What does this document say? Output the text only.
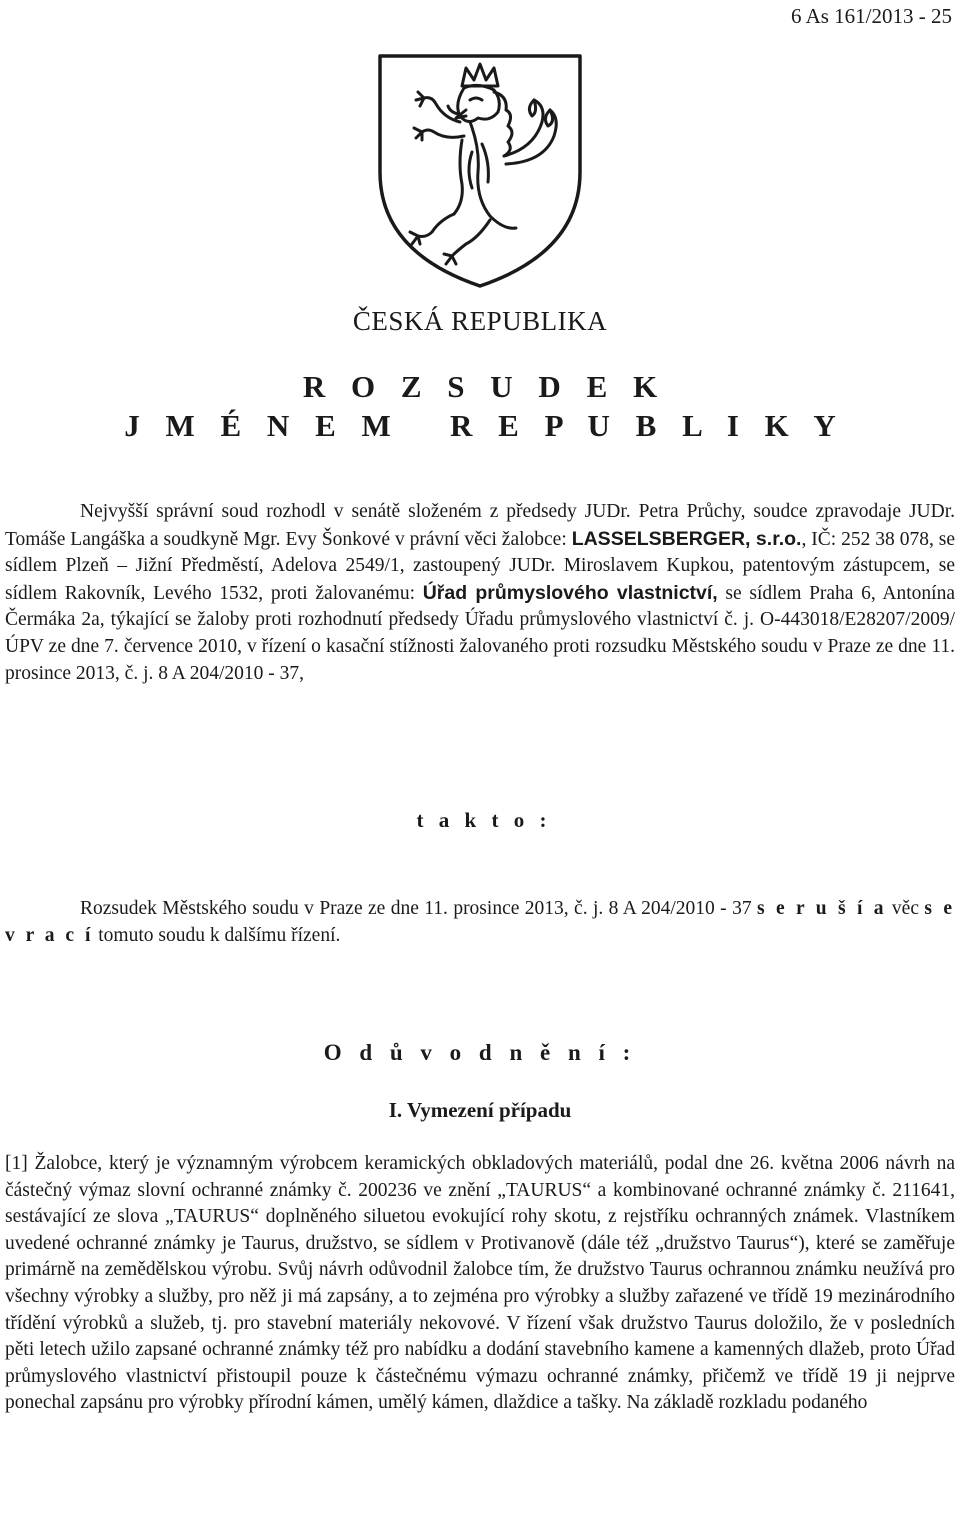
6 As 161/2013 - 25
ČESKÁ REPUBLIKA
R O Z S U D E K
J M É N E M   R E P U B L I K Y
Nejvyšší správní soud rozhodl v senátě složeném z předsedy JUDr. Petra Průchy, soudce zpravodaje JUDr. Tomáše Langáška a soudkyně Mgr. Evy Šonkové v právní věci žalobce: LASSELSBERGER, s.r.o., IČ: 252 38 078, se sídlem Plzeň – Jižní Předměstí, Adelova 2549/1, zastoupený JUDr. Miroslavem Kupkou, patentovým zástupcem, se sídlem Rakovník, Levého 1532, proti žalovanému: Úřad průmyslového vlastnictví, se sídlem Praha 6, Antonína Čermáka 2a, týkající se žaloby proti rozhodnutí předsedy Úřadu průmyslového vlastnictví č. j. O-443018/E28207/2009/ÚPV ze dne 7. července 2010, v řízení o kasační stížnosti žalovaného proti rozsudku Městského soudu v Praze ze dne 11. prosince 2013, č. j. 8 A 204/2010 - 37,
t a k t o :
Rozsudek Městského soudu v Praze ze dne 11. prosince 2013, č. j. 8 A 204/2010 - 37 s e r u š í a věc s e v r a c í tomuto soudu k dalšímu řízení.
O d ů v o d n ě n í :
I. Vymezení případu
[1] Žalobce, který je významným výrobcem keramických obkladových materiálů, podal dne 26. května 2006 návrh na částečný výmaz slovní ochranné známky č. 200236 ve znění „TAURUS“ a kombinované ochranné známky č. 211641, sestávající ze slova „TAURUS“ doplněného siluetou evokující rohy skotu, z rejstříku ochranných známek. Vlastníkem uvedené ochranné známky je Taurus, družstvo, se sídlem v Protivanově (dále též „družstvo Taurus“), které se zaměřuje primárně na zemědělskou výrobu. Svůj návrh odůvodnil žalobce tím, že družstvo Taurus ochrannou známku neužívá pro všechny výrobky a služby, pro něž ji má zapsány, a to zejména pro výrobky a služby zařazené ve třídě 19 mezinárodního třídění výrobků a služeb, tj. pro stavební materiály nekovové. V řízení však družstvo Taurus doložilo, že v posledních pěti letech užilo zapsané ochranné známky též pro nabídku a dodání stavebního kamene a kamenných dlažeb, proto Úřad průmyslového vlastnictví přistoupil pouze k částečnému výmazu ochranné známky, přičemž ve třídě 19 ji nejprve ponechal zapsánu pro výrobky přírodní kámen, umělý kámen, dlaždice a tašky. Na základě rozkladu podaného
